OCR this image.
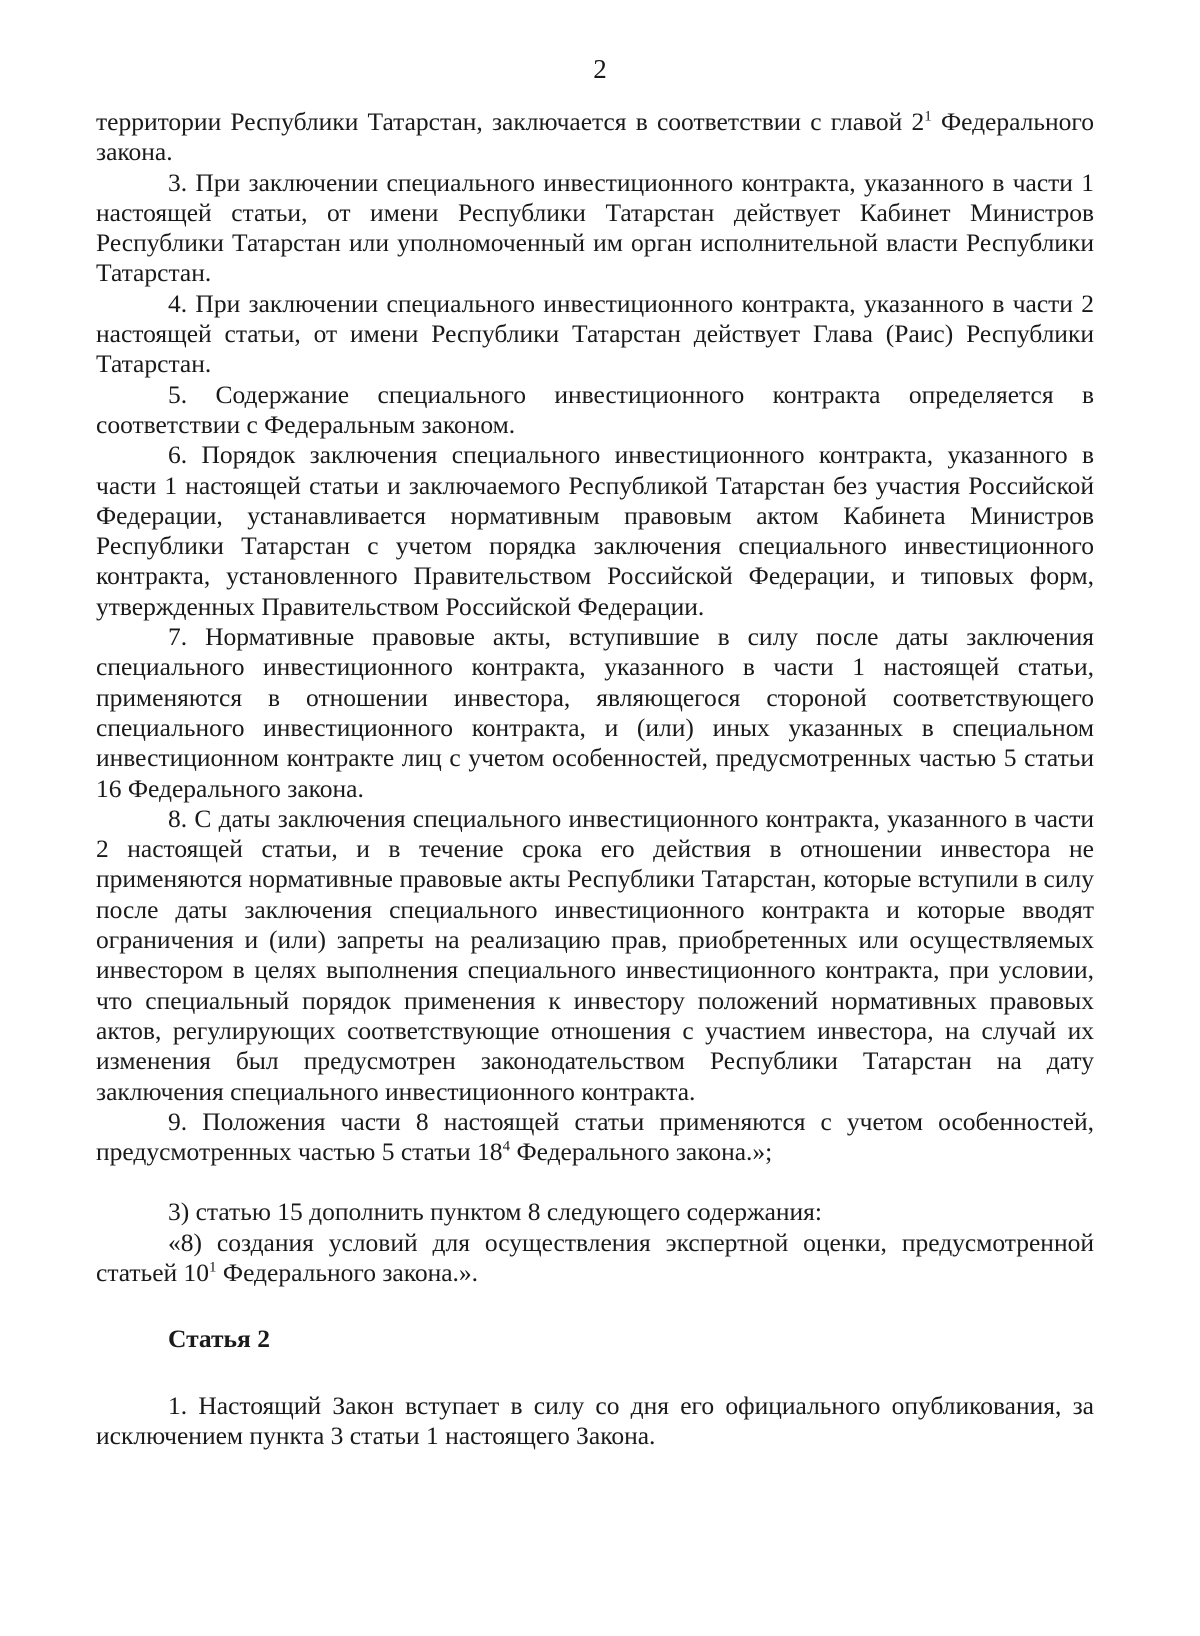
2

территории Республики Татарстан, заключается в соответствии с главой $2^1$ Федерального закона.

3. При заключении специального инвестиционного контракта, указанного в части 1 настоящей статьи, от имени Республики Татарстан действует Кабинет Министров Республики Татарстан или уполномоченный им орган исполнительной власти Республики Татарстан.

4. При заключении специального инвестиционного контракта, указанного в части 2 настоящей статьи, от имени Республики Татарстан действует Глава (Раис) Республики Татарстан.

5. Содержание специального инвестиционного контракта определяется в соответствии с Федеральным законом.

6. Порядок заключения специального инвестиционного контракта, указанного в части 1 настоящей статьи и заключаемого Республикой Татарстан без участия Российской Федерации, устанавливается нормативным правовым актом Кабинета Министров Республики Татарстан с учетом порядка заключения специального инвестиционного контракта, установленного Правительством Российской Федерации, и типовых форм, утвержденных Правительством Российской Федерации.

7. Нормативные правовые акты, вступившие в силу после даты заключения специального инвестиционного контракта, указанного в части 1 настоящей статьи, применяются в отношении инвестора, являющегося стороной соответствующего специального инвестиционного контракта, и (или) иных указанных в специальном инвестиционном контракте лиц с учетом особенностей, предусмотренных частью 5 статьи 16 Федерального закона.

8. С даты заключения специального инвестиционного контракта, указанного в части 2 настоящей статьи, и в течение срока его действия в отношении инвестора не применяются нормативные правовые акты Республики Татарстан, которые вступили в силу после даты заключения специального инвестиционного контракта и которые вводят ограничения и (или) запреты на реализацию прав, приобретенных или осуществляемых инвестором в целях выполнения специального инвестиционного контракта, при условии, что специальный порядок применения к инвестору положений нормативных правовых актов, регулирующих соответствующие отношения с участием инвестора, на случай их изменения был предусмотрен законодательством Республики Татарстан на дату заключения специального инвестиционного контракта.

9. Положения части 8 настоящей статьи применяются с учетом особенностей, предусмотренных частью 5 статьи $18^4$ Федерального закона.»;

3) статью 15 дополнить пунктом 8 следующего содержания:

«8) создания условий для осуществления экспертной оценки, предусмотренной статьей $10^1$ Федерального закона.».

Статья 2

1. Настоящий Закон вступает в силу со дня его официального опубликования, за исключением пункта 3 статьи 1 настоящего Закона.
